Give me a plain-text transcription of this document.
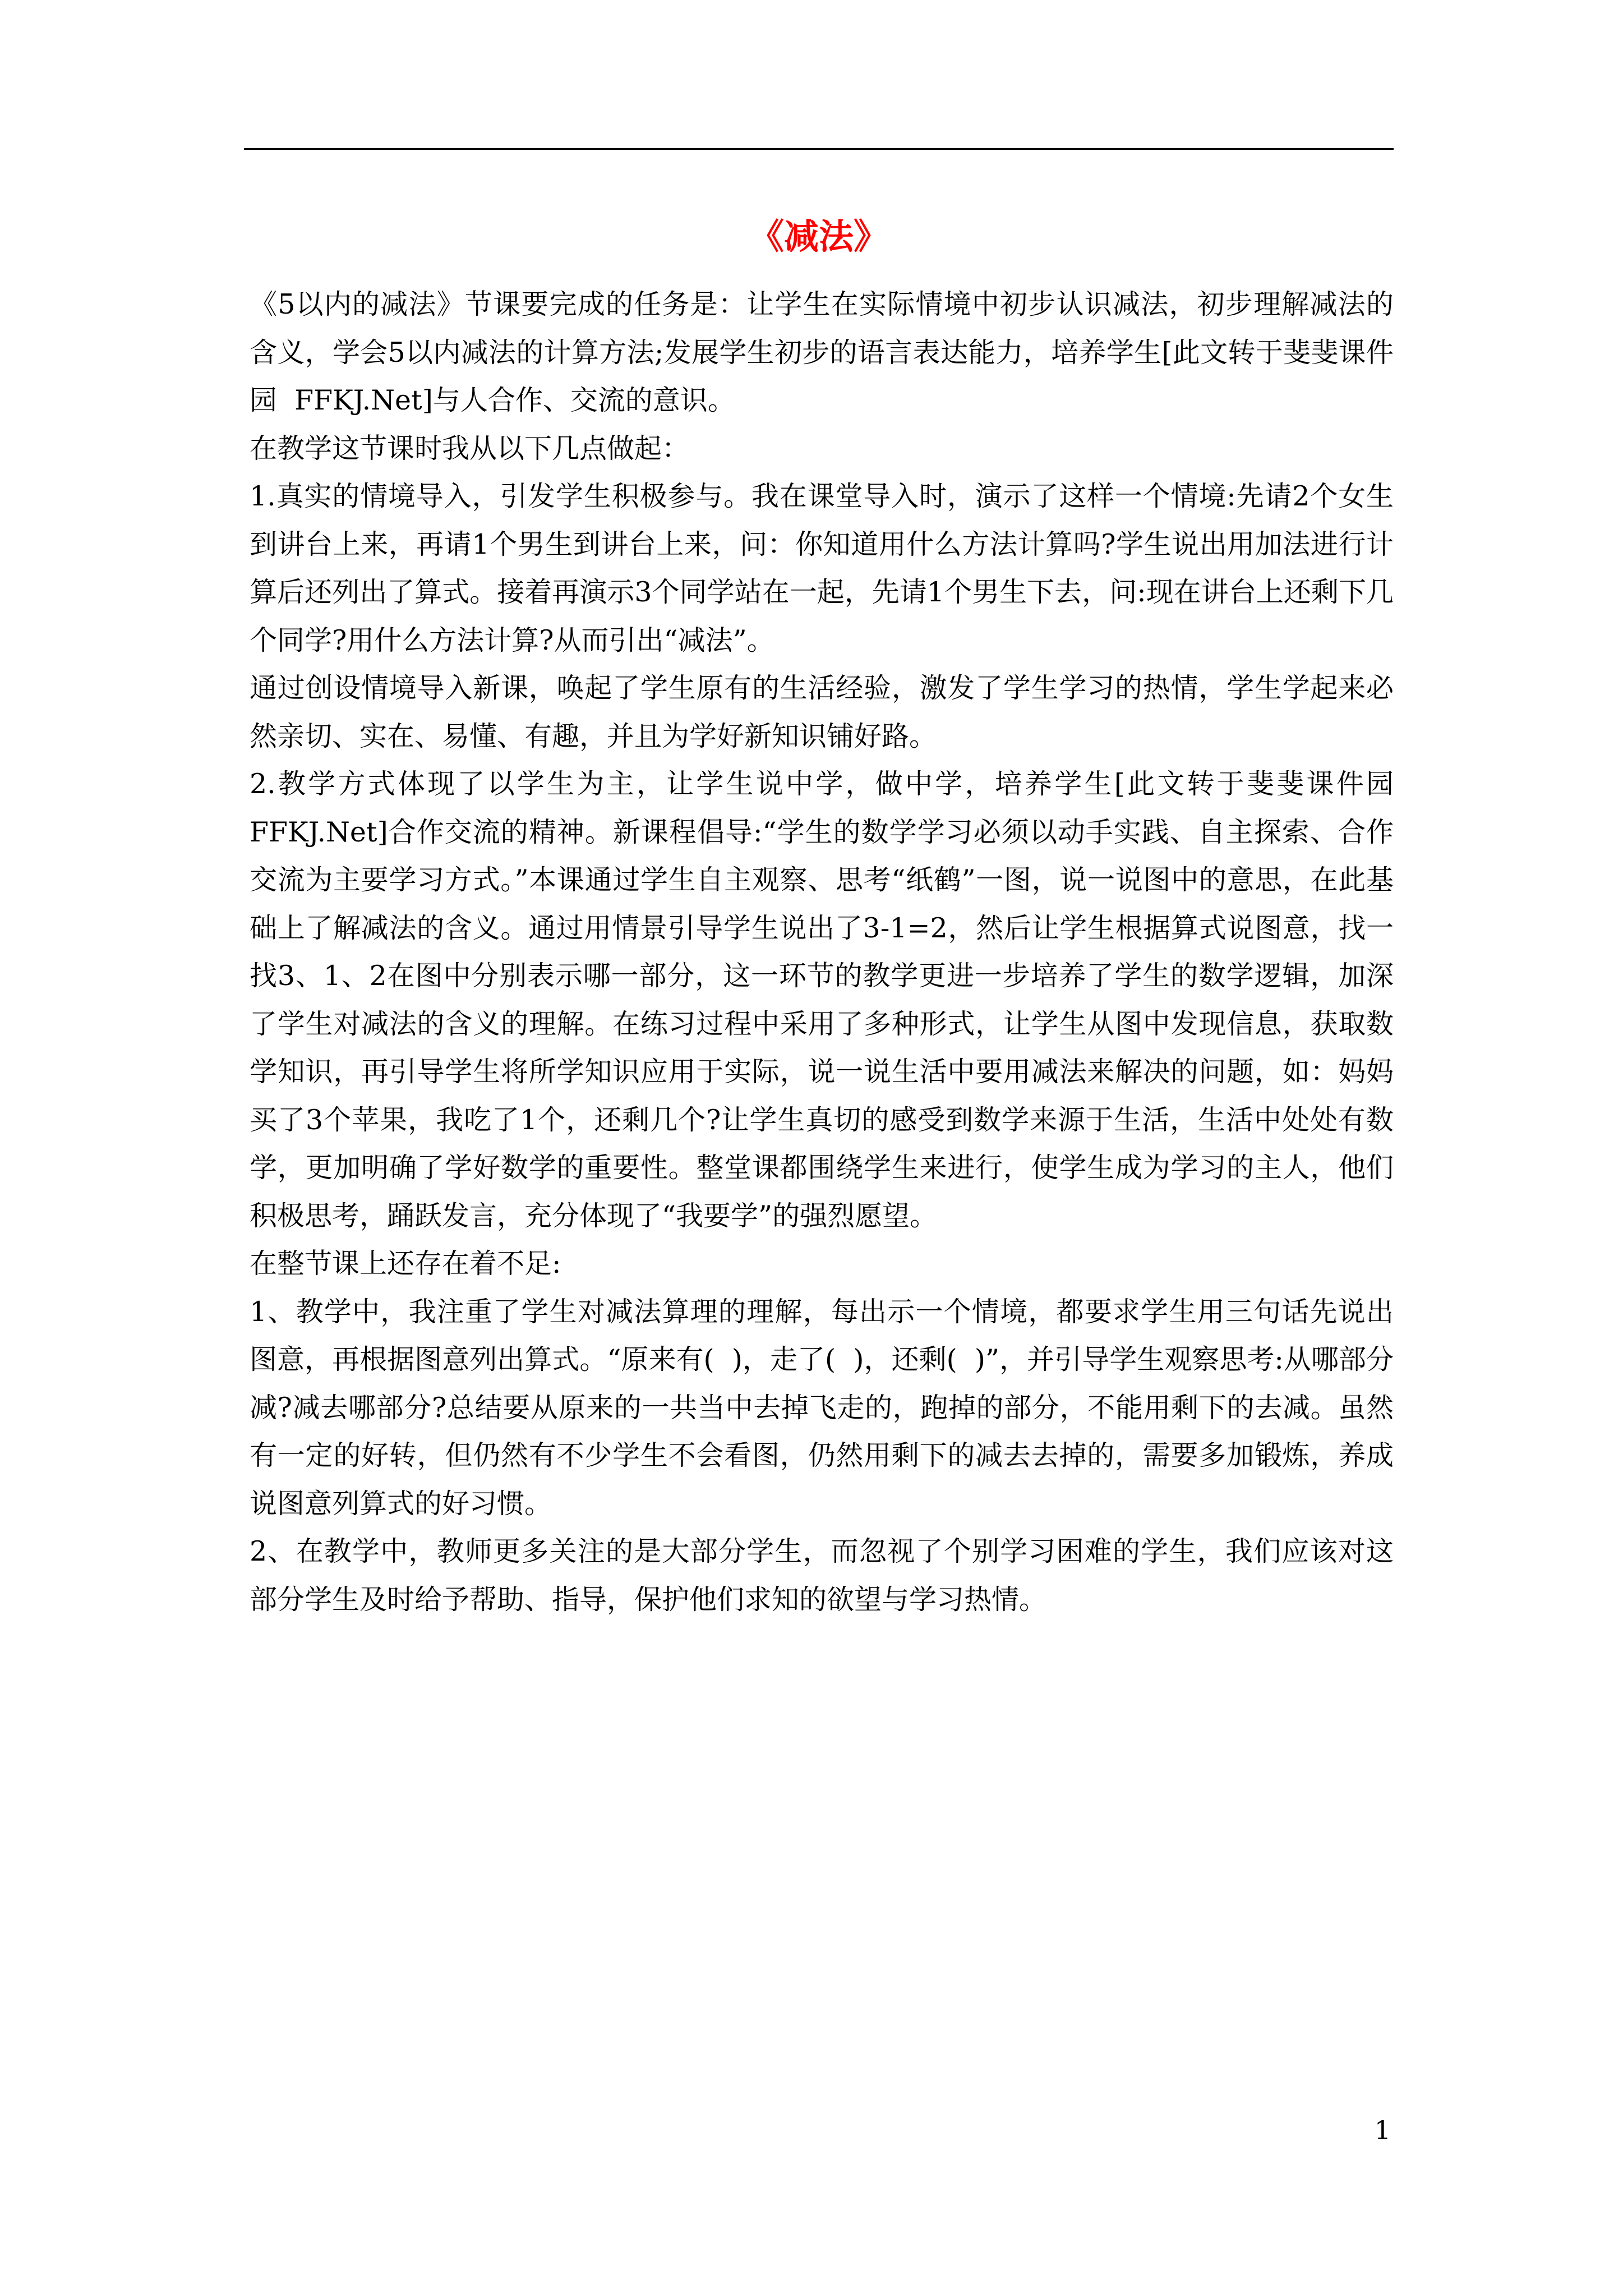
《减法》

《5以内的减法》节课要完成的任务是：让学生在实际情境中初步认识减法，初步理解减法的含义，学会5以内减法的计算方法;发展学生初步的语言表达能力，培养学生[此文转于斐斐课件园  FFKJ.Net]与人合作、交流的意识。

在教学这节课时我从以下几点做起：

1.真实的情境导入，引发学生积极参与。我在课堂导入时，演示了这样一个情境:先请2个女生到讲台上来，再请1个男生到讲台上来，问：你知道用什么方法计算吗?学生说出用加法进行计算后还列出了算式。接着再演示3个同学站在一起，先请1个男生下去，问:现在讲台上还剩下几个同学?用什么方法计算?从而引出“减法”。

通过创设情境导入新课，唤起了学生原有的生活经验，激发了学生学习的热情，学生学起来必然亲切、实在、易懂、有趣，并且为学好新知识铺好路。

2.教学方式体现了以学生为主，让学生说中学，做中学，培养学生[此文转于斐斐课件园  FFKJ.Net]合作交流的精神。新课程倡导:“学生的数学学习必须以动手实践、自主探索、合作交流为主要学习方式。”本课通过学生自主观察、思考“纸鹤”一图，说一说图中的意思，在此基础上了解减法的含义。通过用情景引导学生说出了3-1=2，然后让学生根据算式说图意，找一找3、1、2在图中分别表示哪一部分，这一环节的教学更进一步培养了学生的数学逻辑，加深了学生对减法的含义的理解。在练习过程中采用了多种形式，让学生从图中发现信息，获取数学知识，再引导学生将所学知识应用于实际，说一说生活中要用减法来解决的问题，如：妈妈买了3个苹果，我吃了1个，还剩几个?让学生真切的感受到数学来源于生活，生活中处处有数学，更加明确了学好数学的重要性。整堂课都围绕学生来进行，使学生成为学习的主人，他们积极思考，踊跃发言，充分体现了“我要学”的强烈愿望。

在整节课上还存在着不足:

1、教学中，我注重了学生对减法算理的理解，每出示一个情境，都要求学生用三句话先说出图意，再根据图意列出算式。“原来有(  )，走了(  )，还剩(  )”，并引导学生观察思考:从哪部分减?减去哪部分?总结要从原来的一共当中去掉飞走的，跑掉的部分，不能用剩下的去减。虽然有一定的好转，但仍然有不少学生不会看图，仍然用剩下的减去去掉的，需要多加锻炼，养成说图意列算式的好习惯。

2、在教学中，教师更多关注的是大部分学生，而忽视了个别学习困难的学生，我们应该对这部分学生及时给予帮助、指导，保护他们求知的欲望与学习热情。

1
